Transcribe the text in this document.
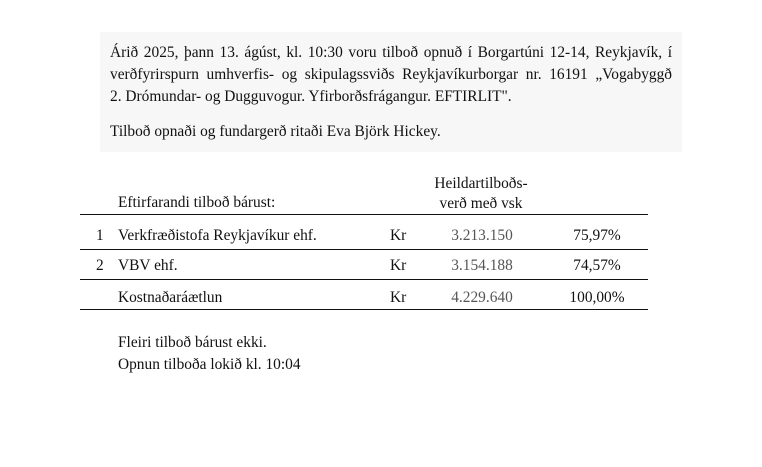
Árið 2025, þann 13. ágúst, kl. 10:30 voru tilboð opnuð í Borgartúni 12-14, Reykjavík, í
verðfyrirspurn umhverfis- og skipulagssviðs Reykjavíkurborgar nr. 16191 „Vogabyggð
2. Drómundar- og Dugguvogur. Yfirborðsfrágangur. EFTIRLIT".

Tilboð opnaði og fundargerð ritaði Eva Björk Hickey.

Eftirfarandi tilboð bárust:
Heildartilboðs-
verð með vsk
1 Verkfræðistofa Reykjavíkur ehf.	Kr	3.213.150	75,97%
2 VBV ehf.	Kr	3.154.188	74,57%
Kostnaðaráætlun	Kr	4.229.640	100,00%
Fleiri tilboð bárust ekki.
Opnun tilboða lokið kl. 10:04
